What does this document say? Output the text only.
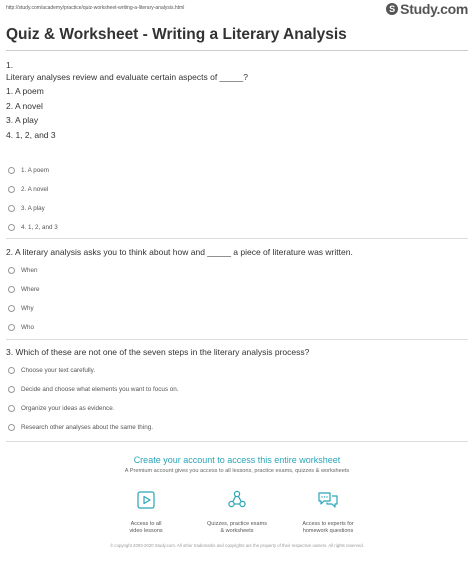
http://study.com/academy/practice/quiz-worksheet-writing-a-literary-analysis.html	S Study.com
Quiz & Worksheet - Writing a Literary Analysis
1.
Literary analyses review and evaluate certain aspects of _____?
1. A poem
2. A novel
3. A play
4. 1, 2, and 3
1. A poem
2. A novel
3. A play
4. 1, 2, and 3
2. A literary analysis asks you to think about how and _____ a piece of literature was written.
When
Where
Why
Who
3. Which of these are not one of the seven steps in the literary analysis process?
Choose your text carefully.
Decide and choose what elements you want to focus on.
Organize your ideas as evidence.
Research other analyses about the same thing.
Create your account to access this entire worksheet
A Premium account gives you access to all lessons, practice exams, quizzes & worksheets
Access to all
video lessons
Quizzes, practice exams
& worksheets
Access to experts for
homework questions
© copyright 2003-2020 Study.com. All other trademarks and copyrights are the property of their respective owners. All rights reserved.
